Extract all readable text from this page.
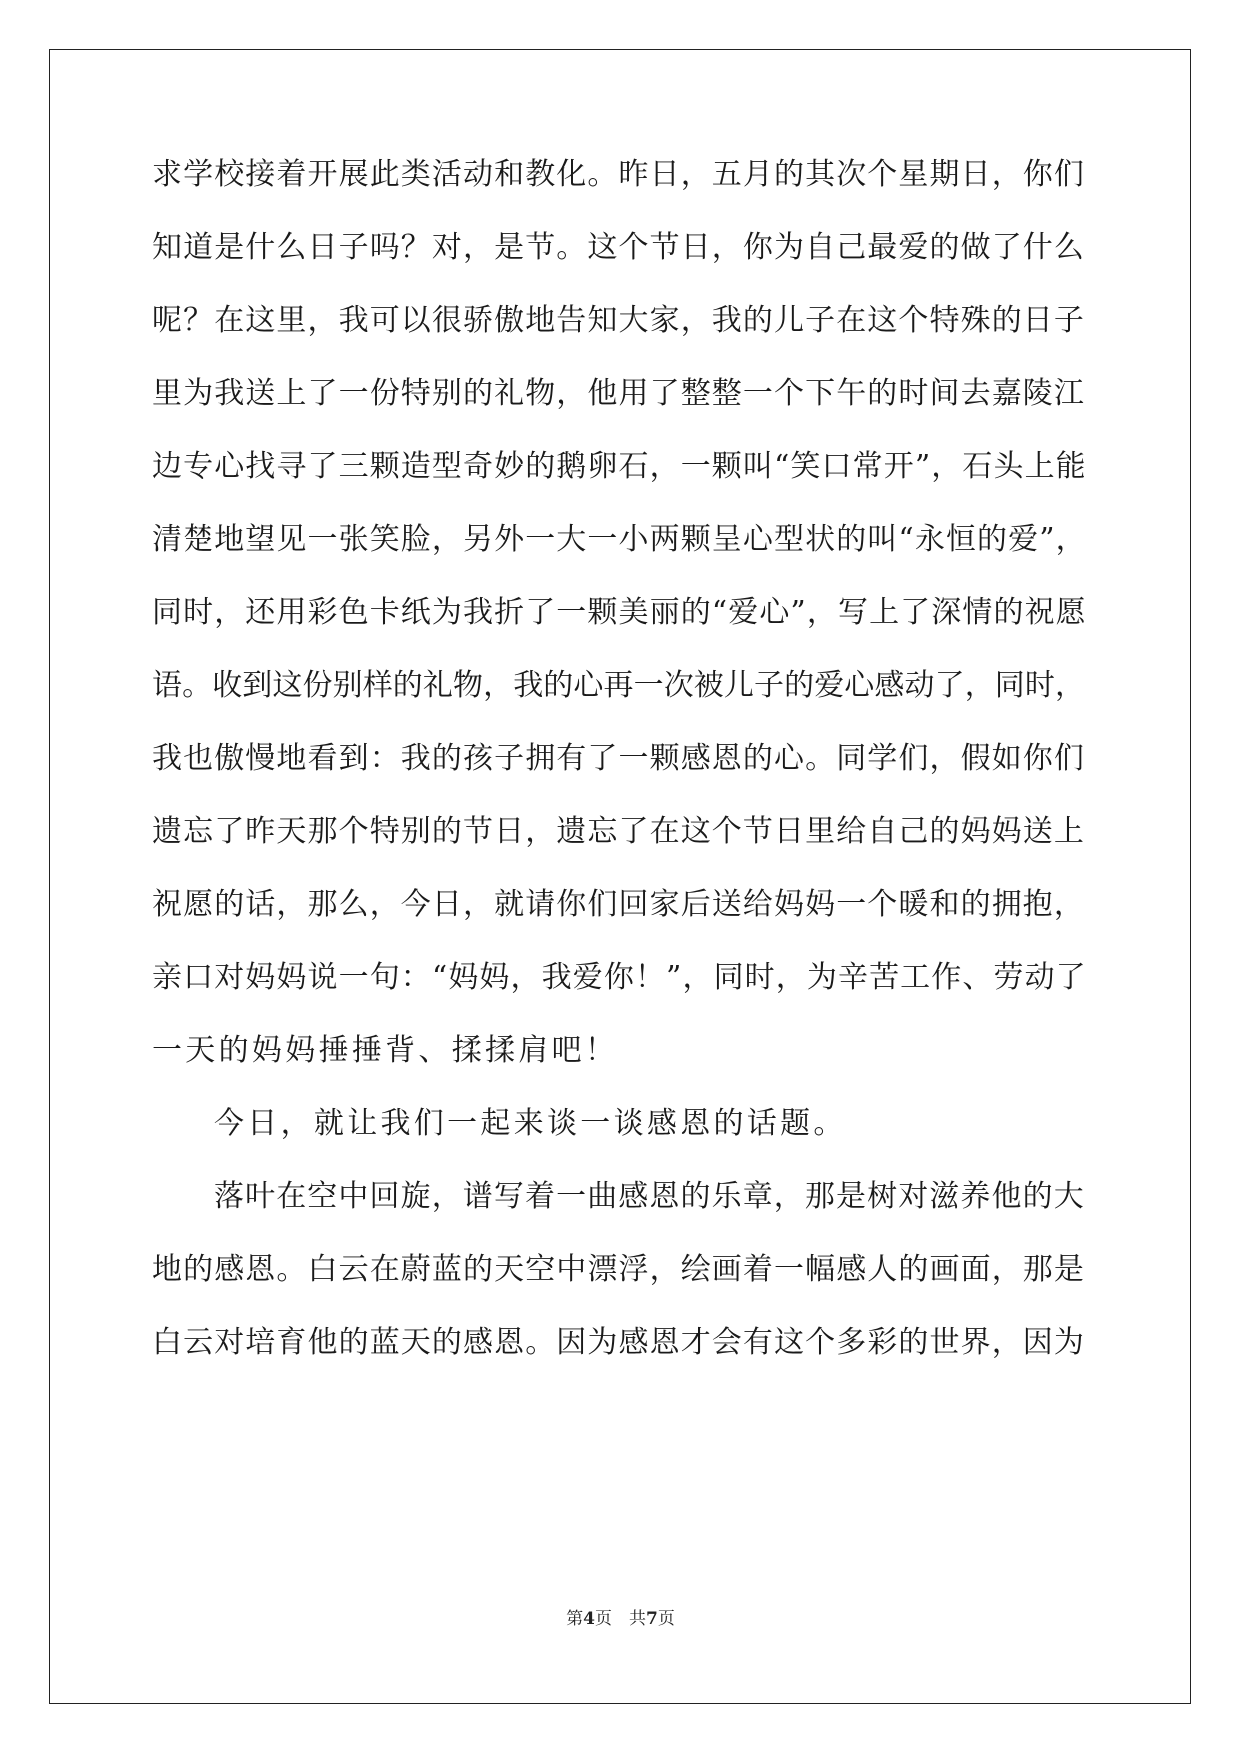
求学校接着开展此类活动和教化。昨日，五月的其次个星期日，你们
知道是什么日子吗？对，是节。这个节日，你为自己最爱的做了什么
呢？在这里，我可以很骄傲地告知大家，我的儿子在这个特殊的日子
里为我送上了一份特别的礼物，他用了整整一个下午的时间去嘉陵江
边专心找寻了三颗造型奇妙的鹅卵石，一颗叫“笑口常开”，石头上能
清楚地望见一张笑脸，另外一大一小两颗呈心型状的叫“永恒的爱”，
同时，还用彩色卡纸为我折了一颗美丽的“爱心”，写上了深情的祝愿
语。收到这份别样的礼物，我的心再一次被儿子的爱心感动了，同时，
我也傲慢地看到：我的孩子拥有了一颗感恩的心。同学们，假如你们
遗忘了昨天那个特别的节日，遗忘了在这个节日里给自己的妈妈送上
祝愿的话，那么，今日，就请你们回家后送给妈妈一个暖和的拥抱，
亲口对妈妈说一句：“妈妈，我爱你！”，同时，为辛苦工作、劳动了
一天的妈妈捶捶背、揉揉肩吧！
今日，就让我们一起来谈一谈感恩的话题。
落叶在空中回旋，谱写着一曲感恩的乐章，那是树对滋养他的大
地的感恩。白云在蔚蓝的天空中漂浮，绘画着一幅感人的画面，那是
白云对培育他的蓝天的感恩。因为感恩才会有这个多彩的世界，因为
第4页　共7页
